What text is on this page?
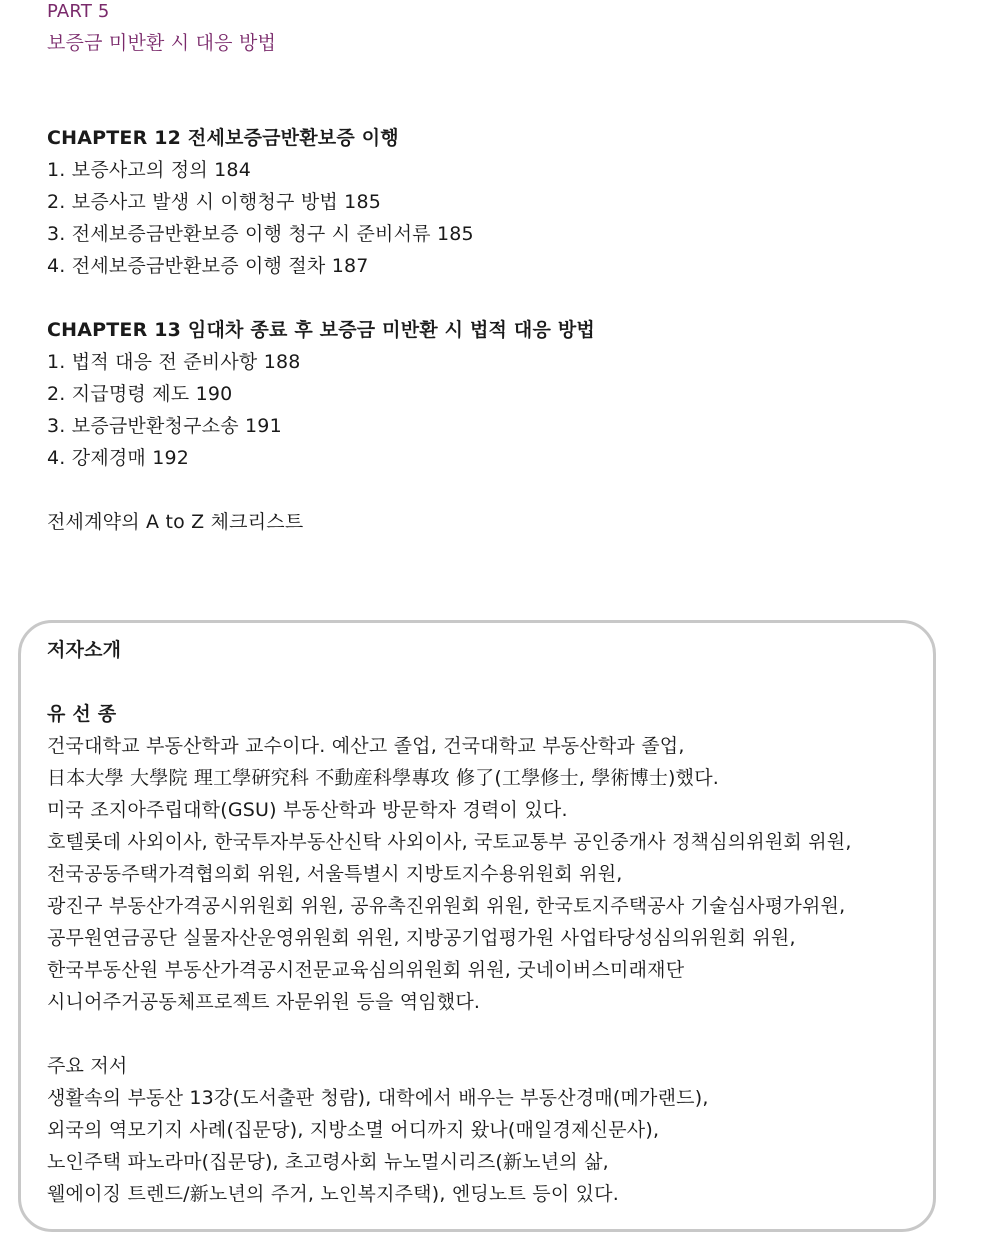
PART 5
보증금 미반환 시 대응 방법
CHAPTER 12 전세보증금반환보증 이행
1. 보증사고의 정의 184
2. 보증사고 발생 시 이행청구 방법 185
3. 전세보증금반환보증 이행 청구 시 준비서류 185
4. 전세보증금반환보증 이행 절차 187
CHAPTER 13 임대차 종료 후 보증금 미반환 시 법적 대응 방법
1. 법적 대응 전 준비사항 188
2. 지급명령 제도 190
3. 보증금반환청구소송 191
4. 강제경매 192
전세계약의 A to Z 체크리스트
저자소개
유 선 종
건국대학교 부동산학과 교수이다. 예산고 졸업, 건국대학교 부동산학과 졸업,
日本大學 大學院 理工學硏究科 不動産科學專攻 修了(工學修士, 學術博士)했다.
미국 조지아주립대학(GSU) 부동산학과 방문학자 경력이 있다.
호텔롯데 사외이사, 한국투자부동산신탁 사외이사, 국토교통부 공인중개사 정책심의위원회 위원,
전국공동주택가격협의회 위원, 서울특별시 지방토지수용위원회 위원,
광진구 부동산가격공시위원회 위원, 공유촉진위원회 위원, 한국토지주택공사 기술심사평가위원,
공무원연금공단 실물자산운영위원회 위원, 지방공기업평가원 사업타당성심의위원회 위원,
한국부동산원 부동산가격공시전문교육심의위원회 위원, 굿네이버스미래재단
시니어주거공동체프로젝트 자문위원 등을 역임했다.
주요 저서
생활속의 부동산 13강(도서출판 청람), 대학에서 배우는 부동산경매(메가랜드),
외국의 역모기지 사례(집문당), 지방소멸 어디까지 왔나(매일경제신문사),
노인주택 파노라마(집문당), 초고령사회 뉴노멀시리즈(新노년의 삶,
웰에이징 트렌드/新노년의 주거, 노인복지주택), 엔딩노트 등이 있다.
